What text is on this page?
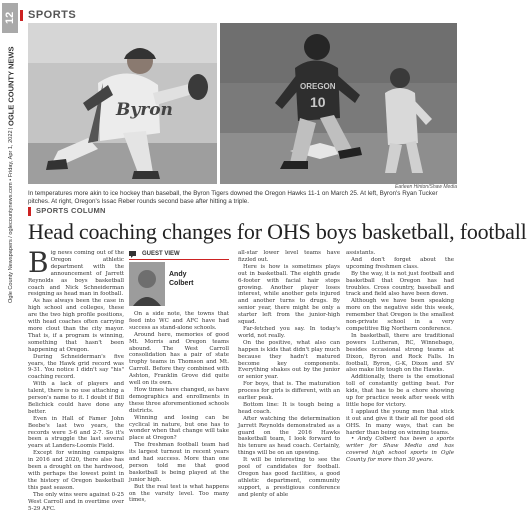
12
Ogle County Newspapers / oglecountynews.com • Friday, Apr 1, 2022
|
OGLE COUNTY NEWS
SPORTS
Byron
OREGON
10
Earleen Hinton/Shaw Media
In temperatures more akin to ice hockey than baseball, the Byron Tigers downed the Oregon Hawks 11-1 on March 25. At left, Byron's Ryan Tucker pitches. At right, Oregon's Issac Reber rounds second base after hitting a triple.
SPORTS COLUMN
Head coaching changes for OHS boys basketball, football

Big news coming out of the Oregon athletic department with the announcement of Jarrett Reynolds as boys basketball coach and Nick Schneiderman resigning as head man in football.

As has always been the case in high school and colleges, these are the two high profile positions, with head coaches often carrying more clout than the city mayor. That is, if a program is winning, something that hasn't been happening at Oregon.

During Schneiderman's five years, the Hawk grid record was 9-31. You notice I didn't say "his" coaching record.

With a lack of players and talent, there is no use attaching a person's name to it. I doubt if Bill Belichick could have done any better.

Even in Hall of Famer John Beebe's last two years, the records were 3-6 and 2-7. So it's been a struggle the last several years at Landers-Loomis Field.

Except for winning campaigns in 2016 and 2020, there also has been a drought on the hardwood, with perhaps the lowest point in the history of Oregon basketball this past season.

The only wins were against 0-25 West Carroll and in overtime over 5-29 AFC.

GUEST VIEW
Andy
Colbert

On a side note, the towns that feed into WC and AFC have had success as stand-alone schools.

Around here, memories of good Mt. Morris and Oregon teams abound. The West Carroll consolidation has a pair of state trophy teams in Thomson and Mt. Carroll. Before they combined with Ashton, Franklin Grove did quite well on its own.

How times have changed, as have demographics and enrollments in these three aforementioned schools districts.

Winning and losing can be cyclical in nature, but one has to wonder when that change will take place at Oregon?

The freshman football team had its largest turnout in recent years and had success. More than one person told me that good basketball is being played at the junior high.

But the real test is what happens on the varsity level. Too many times,

all-star lower level teams have fizzled out.

Here is how is sometimes plays out in basketball. The eighth grade 6-footer with facial hair stops growing. Another player loses interest, while another gets injured and another turns to drugs. By senior year, there might be only a starter left from the junior-high squad.

Far-fetched you say. In today's world, not really.

On the positive, what also can happen is kids that didn't play much because they hadn't matured become key components. Everything shakes out by the junior or senior year.

For boys, that is. The maturation process for girls is different, with an earlier peak.

Bottom line: It is tough being a head coach.

After watching the determination Jarrett Reynolds demonstrated as a guard on the 2016 Hawks basketball team, I look forward to his tenure as head coach. Certainly, things will be on an upswing.

It will be interesting to see the pool of candidates for football. Oregon has good facilities, a good athletic department, community support, a prestigious conference and plenty of able

assistants.

And don't forget about the upcoming freshmen class.

By the way, it is not just football and basketball that Oregon has had troubles. Cross country, baseball and track and field also have been down.

Although we have been speaking more on the negative side this week, remember that Oregon is the smallest non-private school in a very competitive Big Northern conference.

In basketball, there are traditional powers Lutheran, RC, Winnebago, besides occasional strong teams at Dixon, Byron and Rock Falls. In football, Byron, G-K, Dixon and SV also make life tough on the Hawks.

Additionally, there is the emotional toll of constantly getting beat. For kids, that has to be a chore showing up for practice week after week with little hope for victory.

I applaud the young men that stick it out and give it their all for good old OHS. In many ways, that can be harder than being on winning teams.

• Andy Colbert has been a sports writer for Shaw Media and has covered high school sports in Ogle County for more than 30 years.
